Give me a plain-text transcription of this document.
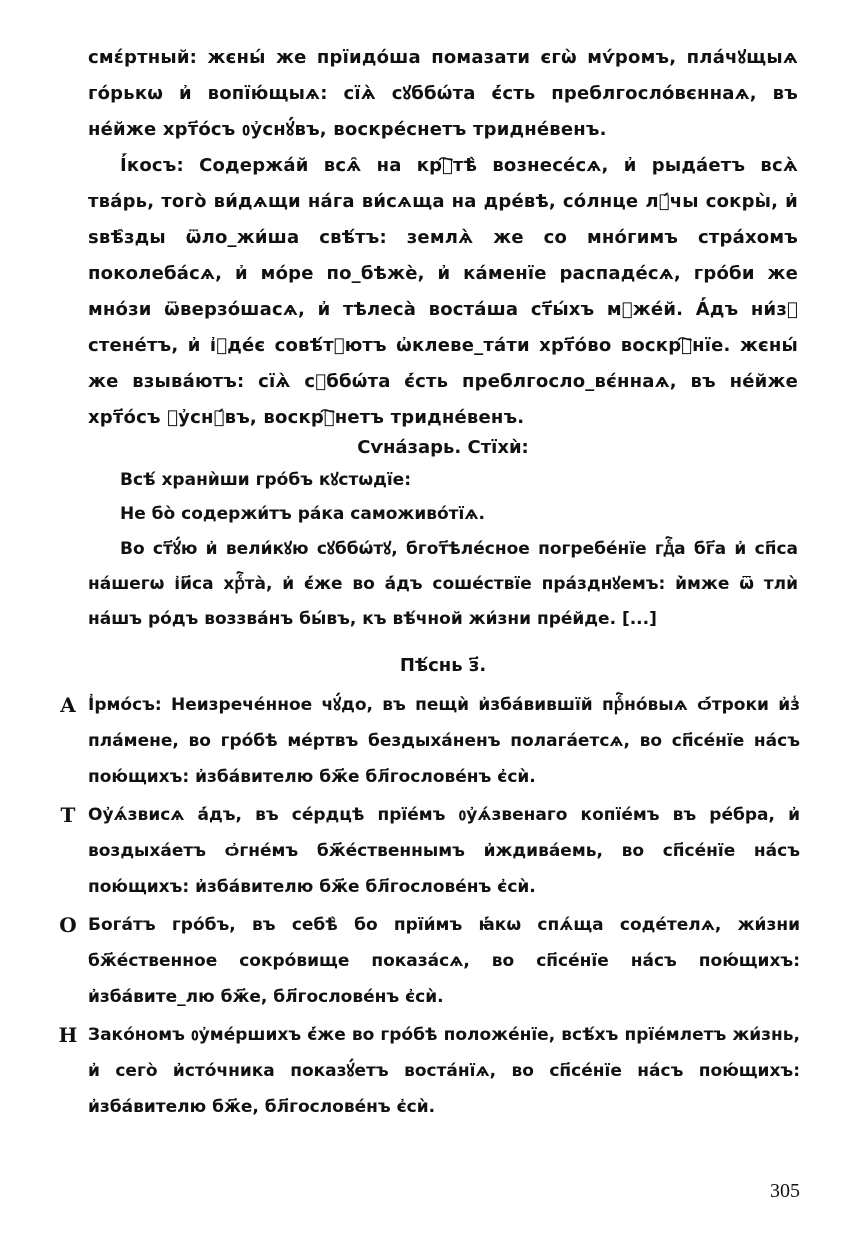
смέртный: жєны́ же прїидо́ша помазати єгѡ̀ мѵ́ромъ, пла́чꙋщыѧ го́рькѡ и҆ вопїю́щыѧ: сїѧ̀ сꙋббѡ́та є҆́сть преблгосло́вєннаѧ, въ не́йже хрт҃о́съ ᲂу҆снꙋ́въ, воскре́снетъ тридне́венъ.
І҆́косъ: Содержа́й всѧ̑ на крⷭ҇тѣ̀ вознесе́сѧ, и҆ рыда́етъ всѧ̀ тва́рь, того̀ ви́дѧщи на́га ви́сѧща на дре́вѣ, со́лнце лꙋ́чы сокры̀, и҆ ѕвѣ̑зды ѿло_жи́ша свѣ́тъ: землѧ̀ же со мно́гимъ стра́хомъ поколеба́сѧ, и҆ мо́ре по_бѣжѐ, и҆ ка́менїе распаде́сѧ, гро́би же мно́зи ѿверзо́шасѧ, и҆ тѣлеса̀ воста́ша ст҃ы́хъ мꙋже́й. А҆́дъ ни́зꙋ стене́тъ, и҆ і҆ꙋде́є совѣ́тꙋютъ ѡ҆клеве_та́ти хрт҃о́во воскрⷭ҇нїе. жєны́ же взыва́ютъ: сїѧ̀ сꙋббѡ́та є҆́сть преблгосло_вє́ннаѧ, въ не́йже хрт҃о́съ ᲂу҆снꙋ́въ, воскрⷭ҇нетъ тридне́венъ.
Сѵна́зарь. Стїхѝ:
Всѣ́ хранѝши гро́бъ кꙋстѡдїе:
Не бо̀ содержи́тъ ра́ка саможиво́тїѧ.
Во ст҃ꙋ́ю и҆ вели́кꙋю сꙋббѡ́тꙋ, бгот҃ѣле́сное погребе́нїе гдⷭ҇а бг҃а и҆ сп҃са на́шегѡ і҆и҃са хрⷭ҇та̀, и҆ є҆́же во а҆́дъ соше́ствїе пра́зднꙋемъ: и҆̀мже ѿ тлѝ на́шъ ро́дъ воззва́нъ бы́въ, къ вѣ́чной жи́зни пре́йде. [...]
Пѣ́снь з҃.
А І҆рмо́съ: Неизрече́нное чꙋ́до, въ пещѝ и҆зба́вившїй прⷭ҇но́выѧ ѻ҆́троки и҆з̾ пла́мене, во гро́бѣ ме́ртвъ бездыха́ненъ полага́етсѧ, во сп҃се́нїе на́съ пою́щихъ: и҆зба́вителю бж҃е бл҃гослове́нъ є҆сѝ.
Т Оу҆ѧ́звисѧ а҆́дъ, въ се́рдцѣ прїе́мъ ᲂу҆ѧ́звенаго копїе́мъ въ ре́бра, и҆ воздыха́етъ ѻ҆гне́мъ бж҃е́ственнымъ и҆ждива́емь, во сп҃се́нїе на́съ пою́щихъ: и҆зба́вителю бж҃е бл҃гослове́нъ є҆сѝ.
О Бога́тъ гро́бъ, въ себѣ̀ бо прїи́мъ ꙗ҆́кѡ спѧ́ща соде́телѧ, жи́зни бж҃е́ственное сокро́вище показа́сѧ, во сп҃се́нїе на́съ пою́щихъ: и҆зба́вите_лю бж҃е, бл҃гослове́нъ є҆сѝ.
Н Зако́номъ ᲂу҆ме́ршихъ є҆́же во гро́бѣ положе́нїе, всѣ́хъ прїе́млетъ жи́знь, и҆ сего̀ и҆сто́чника показꙋ́етъ воста́нїѧ, во сп҃се́нїе на́съ пою́щихъ: и҆зба́вителю бж҃е, бл҃гослове́нъ є҆сѝ.
305
